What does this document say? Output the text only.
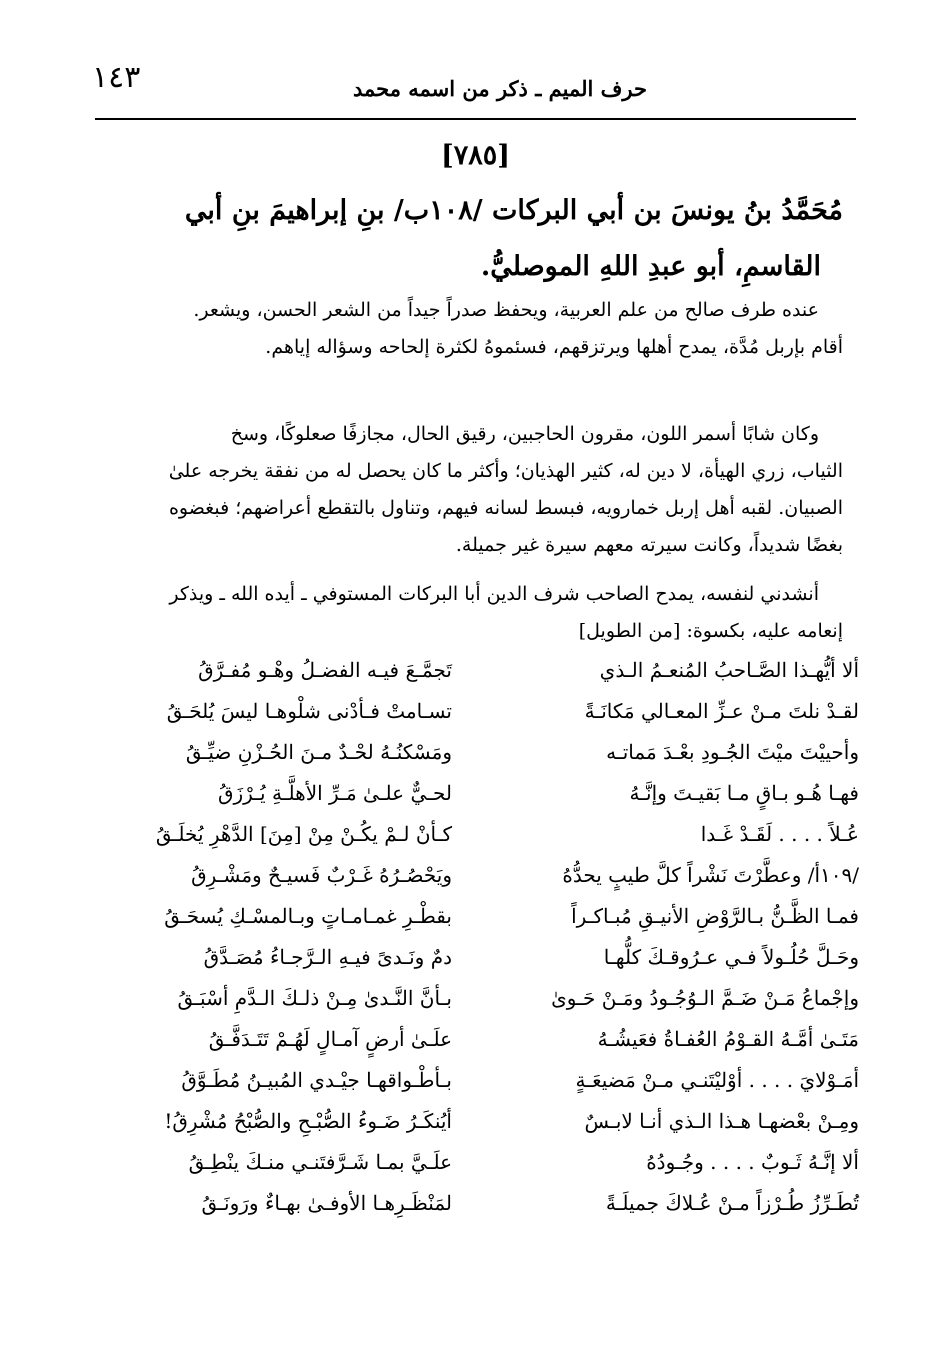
١٤٣	حرف الميم ـ ذكر من اسمه محمد
[٧٨٥]
مُحَمَّدُ بنُ يونسَ بن أبي البركات /١٠٨ب/ بنِ إبراهيمَ بنِ أبي
القاسمِ، أبو عبدِ اللهِ الموصليُّ.
عنده طرف صالح من علم العربية، ويحفظ صدراً جيداً من الشعر الحسن، ويشعر.
أقام بإربل مُدَّة، يمدح أهلها ويرتزقهم، فسئموهُ لكثرة إلحاحه وسؤاله إياهم.
وكان شابًا أسمر اللون، مقرون الحاجبين، رقيق الحال، مجازفًا صعلوكًا، وسخ
الثياب، زري الهيأة، لا دين له، كثير الهذيان؛ وأكثر ما كان يحصل له من نفقة يخرجه علىٰ
الصبيان. لقبه أهل إربل خمارويه، فبسط لسانه فيهم، وتناول بالتقطع أعراضهم؛ فبغضوه
بغضًا شديداً، وكانت سيرته معهم سيرة غير جميلة.
أنشدني لنفسه، يمدح الصاحب شرف الدين أبا البركات المستوفي ـ أيده الله ـ ويذكر
إنعامه عليه، بكسوة: [من الطويل]
ألا أيُّهـذا الصَّـاحبُ المُنعـمُ الـذي
تَجمَّـعَ فيـه الفضـلُ وهْـو مُفـرَّقُ
لقـدْ نلتَ مـنْ عـزِّ المعـالي مَكانَـةً
تسـامتْ فـأدْنى شلْوهـا ليسَ يُلحَـقُ
وأحييْتَ ميْتَ الجُـودِ بعْـدَ مَماتـه
ومَسْكنُـهُ لحْـدٌ مـنَ الحُـزْنِ ضيِّـقُ
فهـا هُـو بـاقٍ مـا بَقيـتَ وإنَّـهُ
لحـيٌّ علـىٰ مَـرِّ الأهلَّـةِ يُـرْزَقُ
عُـلاً . . . . لَقَـدْ غَـدا
كـأنْ لـمْ يكُـنْ مِنْ [مِنَ] الدَّهْرِ يُخلَـقُ
/١٠٩أ/ وعطَّرْتَ نَشْراً كلَّ طيبٍ يحدُّهُ
ويَحْصُـرُهُ غَـرْبٌ فَسيـحٌ ومَشْـرِقُ
فمـا الظَّـنُّ بـالرَّوْضِ الأنيـقِ مُبـاكـراً
بقطْـرِ غمـامـاتٍ وبـالمسْـكِ يُسحَـقُ
وحَـلَّ حُلُـولاً فـي عـرُوقـكَ كلُّهـا
دمٌ ونَـدىً فيـهِ الـرَّجـاءُ مُصَـدَّقُ
وإجْماعُ مَـنْ ضَـمَّ الـوُجُـودُ ومَـنْ حَـوىٰ
بـأنَّ النَّـدىٰ مِـنْ ذلـكَ الـدَّمِ أسْبَـقُ
مَتَـىٰ أمَّـهُ القـوْمُ العُفـاةُ فعَيشُـهُ
علَـىٰ أرضٍ آمـالٍ لَهُـمْ تَتَـدَفَّـقُ
أمَـوْلايَ . . . . أوْليْتَنـي مـنْ مَضيعَـةٍ
بـأطْـواقهـا جيْـدي المُبيـنُ مُطَـوَّقُ
ومِـنْ بعْضهـا هـذا الـذي أنـا لابـسٌ
أيُنكَـرُ ضَـوءُ الصُّبْـحِ والصُّبْحُ مُشْرِقُ!
ألا إنَّـهُ ثَـوبٌ . . . . وجُـودُهُ
علَـيَّ بمـا شَـرَّفتَنـي منـكَ ينْطِـقُ
تُطَـرِّزُ طُـرْزاً مـنْ عُـلاكَ جميلَـةً
لمَنْظَـرِهـا الأوفـىٰ بهـاءٌ ورَونَـقُ
